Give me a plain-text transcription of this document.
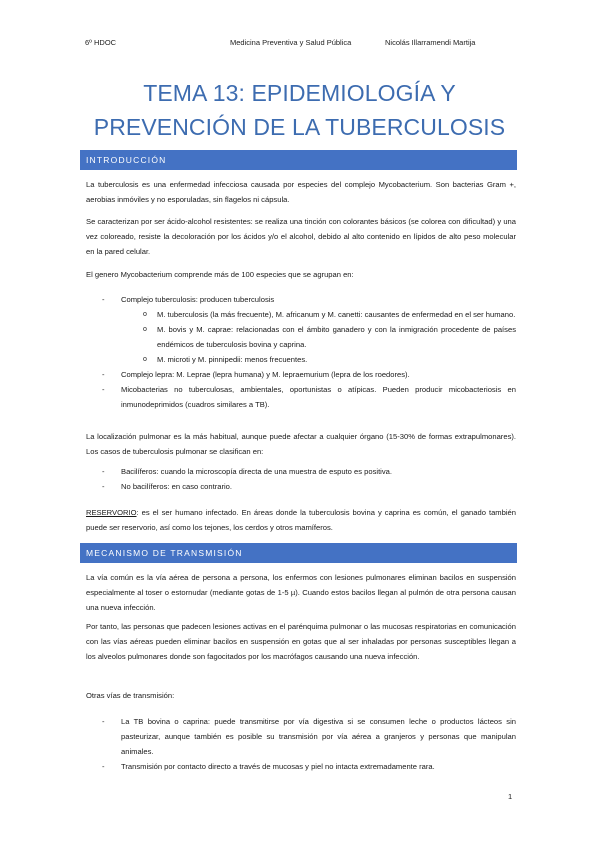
6º HDOC	Medicina Preventiva y Salud Pública	Nicolás Illarramendi Martija
TEMA 13: EPIDEMIOLOGÍA Y
PREVENCIÓN DE LA TUBERCULOSIS
INTRODUCCIÓN

La tuberculosis es una enfermedad infecciosa causada por especies del complejo Mycobacterium. Son bacterias Gram +, aerobias inmóviles y no esporuladas, sin flagelos ni cápsula.

Se caracterizan por ser ácido-alcohol resistentes: se realiza una tinción con colorantes básicos (se colorea con dificultad) y una vez coloreado, resiste la decoloración por los ácidos y/o el alcohol, debido al alto contenido en lípidos de alto peso molecular en la pared celular.

El genero Mycobacterium comprende más de 100 especies que se agrupan en:

- Complejo tuberculosis: producen tuberculosis
o M. tuberculosis (la más frecuente), M. africanum y M. canetti: causantes de enfermedad en el ser humano.
o M. bovis y M. caprae: relacionadas con el ámbito ganadero y con la inmigración procedente de países endémicos de tuberculosis bovina y caprina.
o M. microti y M. pinnipedii: menos frecuentes.
- Complejo lepra: M. Leprae (lepra humana) y M. lepraemurium (lepra de los roedores).
- Micobacterias no tuberculosas, ambientales, oportunistas o atípicas. Pueden producir micobacteriosis en inmunodeprimidos (cuadros similares a TB).

La localización pulmonar es la más habitual, aunque puede afectar a cualquier órgano (15-30% de formas extrapulmonares). Los casos de tuberculosis pulmonar se clasifican en:

- Bacilíferos: cuando la microscopía directa de una muestra de esputo es positiva.
- No bacilíferos: en caso contrario.

RESERVORIO: es el ser humano infectado. En áreas donde la tuberculosis bovina y caprina es común, el ganado también puede ser reservorio, así como los tejones, los cerdos y otros mamíferos.

MECANISMO DE TRANSMISIÓN

La vía común es la vía aérea de persona a persona, los enfermos con lesiones pulmonares eliminan bacilos en suspensión especialmente al toser o estornudar (mediante gotas de 1-5 µ). Cuando estos bacilos llegan al pulmón de otra persona causan una nueva infección.

Por tanto, las personas que padecen lesiones activas en el parénquima pulmonar o las mucosas respiratorias en comunicación con las vías aéreas pueden eliminar bacilos en suspensión en gotas que al ser inhaladas por personas susceptibles llegan a los alveolos pulmonares donde son fagocitados por los macrófagos causando una nueva infección.

Otras vías de transmisión:

- La TB bovina o caprina: puede transmitirse por vía digestiva si se consumen leche o productos lácteos sin pasteurizar, aunque también es posible su transmisión por vía aérea a granjeros y personas que manipulan animales.
- Transmisión por contacto directo a través de mucosas y piel no intacta extremadamente rara.
1
